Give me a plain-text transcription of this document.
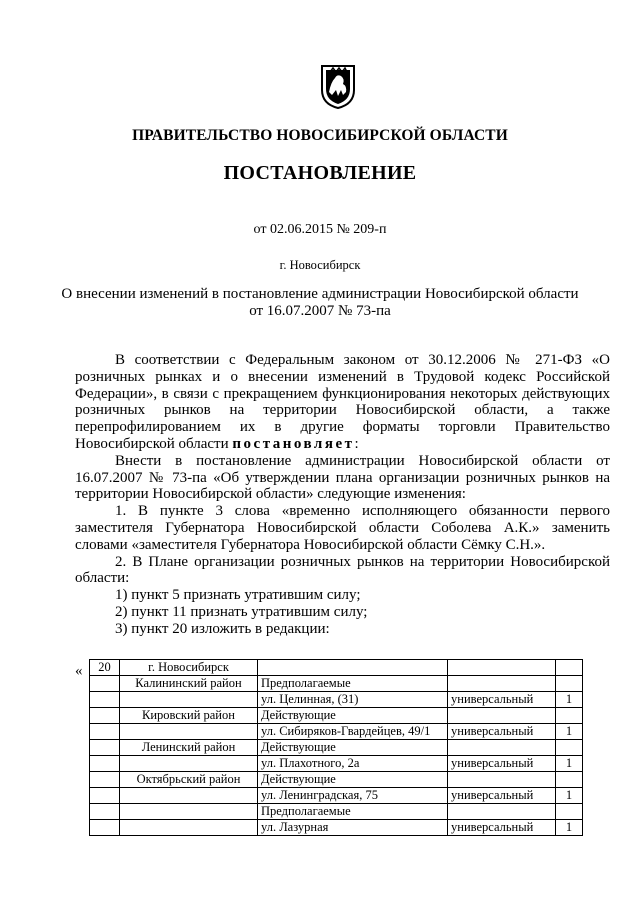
ПРАВИТЕЛЬСТВО НОВОСИБИРСКОЙ ОБЛАСТИ
ПОСТАНОВЛЕНИЕ
от 02.06.2015 № 209-п
г. Новосибирск
О внесении изменений в постановление администрации Новосибирской области
от 16.07.2007 № 73-па

В соответствии с Федеральным законом от 30.12.2006 № 271-ФЗ «О розничных рынках и о внесении изменений в Трудовой кодекс Российской Федерации», в связи с прекращением функционирования некоторых действующих розничных рынков на территории Новосибирской области, а также перепрофилированием их в другие форматы торговли Правительство Новосибирской области постановляет:

Внести в постановление администрации Новосибирской области от 16.07.2007 № 73-па «Об утверждении плана организации розничных рынков на территории Новосибирской области» следующие изменения:

1. В пункте 3 слова «временно исполняющего обязанности первого заместителя Губернатора Новосибирской области Соболева А.К.» заменить словами «заместителя Губернатора Новосибирской области Сёмку С.Н.».

2. В Плане организации розничных рынков на территории Новосибирской области:

1) пункт 5 признать утратившим силу;

2) пункт 11 признать утратившим силу;

3) пункт 20 изложить в редакции:

« 20	г. Новосибирск			
	Калининский район	Предполагаемые		
		ул. Целинная, (31)	универсальный	1
	Кировский район	Действующие		
		ул. Сибиряков-Гвардейцев, 49/1	универсальный	1
	Ленинский район	Действующие		
		ул. Плахотного, 2а	универсальный	1
	Октябрьский район	Действующие		
		ул. Ленинградская, 75	универсальный	1
		Предполагаемые		
		ул. Лазурная	универсальный	1
